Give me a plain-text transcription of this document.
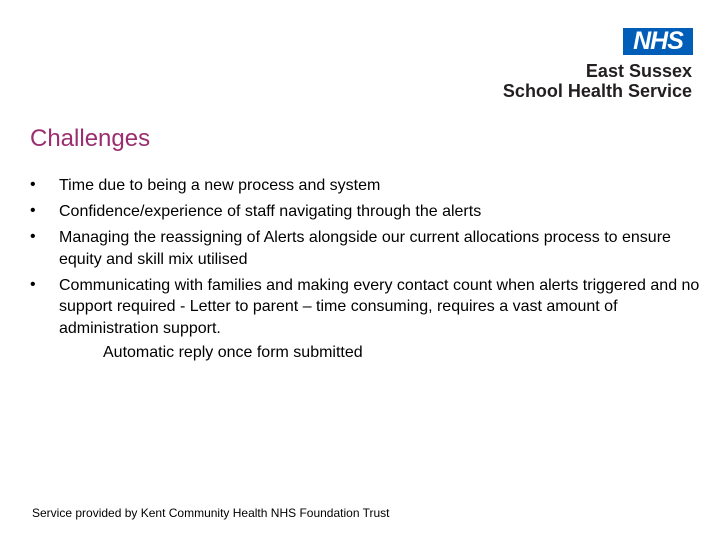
NHS
East Sussex
School Health Service
Challenges
• Time due to being a new process and system
• Confidence/experience of staff navigating through the alerts
• Managing the reassigning of Alerts alongside our current allocations process to ensure equity and skill mix utilised
• Communicating with families and making every contact count when alerts triggered and no support required - Letter to parent – time consuming, requires a vast amount of administration support.
Automatic reply once form submitted
Service provided by Kent Community Health NHS Foundation Trust
